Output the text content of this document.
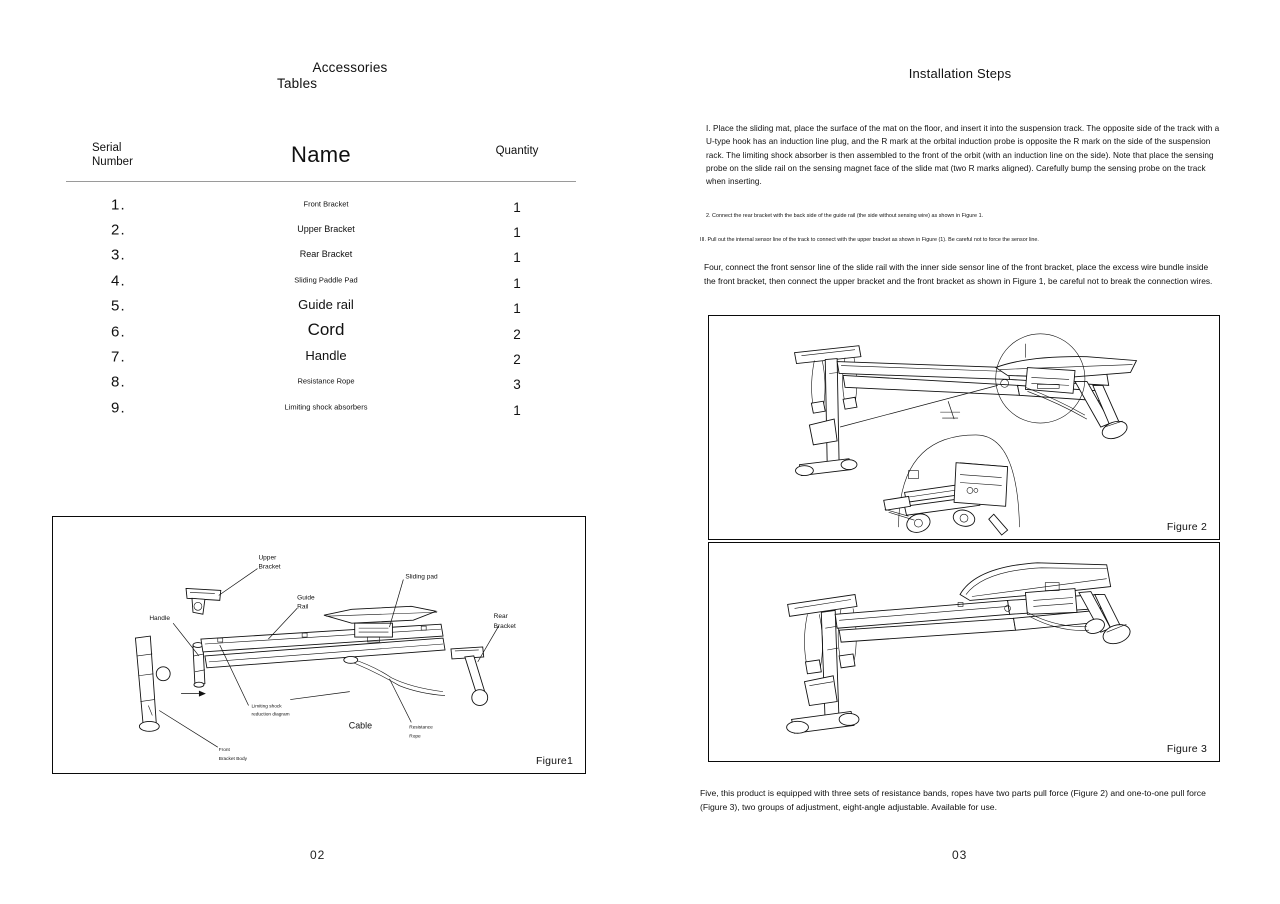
Accessories
Tables
Serial
Number	Name	Quantity
1.	Front Bracket	1
2.	Upper Bracket	1
3.	Rear Bracket	1
4.	Sliding Paddle Pad	1
5.	Guide rail	1
6.	Cord	2
7.	Handle	2
8.	Resistance Rope	3
9.	Limiting shock absorbers	1
Upper
Bracket
Guide
Rail
Sliding pad
Rear
Bracket
Handle
Limiting shock
reduction diagram
Cable	Resistance
Rope
Front
Bracket Body	Figure1
02
Installation Steps
I. Place the sliding mat, place the surface of the mat on the floor, and insert it into the suspension track. The opposite side of the track with a U-type hook has an induction line plug, and the R mark at the orbital induction probe is opposite the R mark on the side of the suspension rack. The limiting shock absorber is then assembled to the front of the orbit (with an induction line on the side). Note that place the sensing probe on the slide rail on the sensing magnet face of the slide mat (two R marks aligned). Carefully bump the sensing probe on the track when inserting.
2. Connect the rear bracket with the back side of the guide rail (the side without sensing wire) as shown in Figure 1.
III. Pull out the internal sensor line of the track to connect with the upper bracket as shown in Figure (1). Be careful not to force the sensor line.
Four, connect the front sensor line of the slide rail with the inner side sensor line of the front bracket, place the excess wire bundle inside the front bracket, then connect the upper bracket and the front bracket as shown in Figure 1, be careful not to break the connection wires.
Figure 2
Figure 3
Five, this product is equipped with three sets of resistance bands, ropes have two parts pull force (Figure 2) and one-to-one pull force (Figure 3), two groups of adjustment, eight-angle adjustable. Available for use.
03
